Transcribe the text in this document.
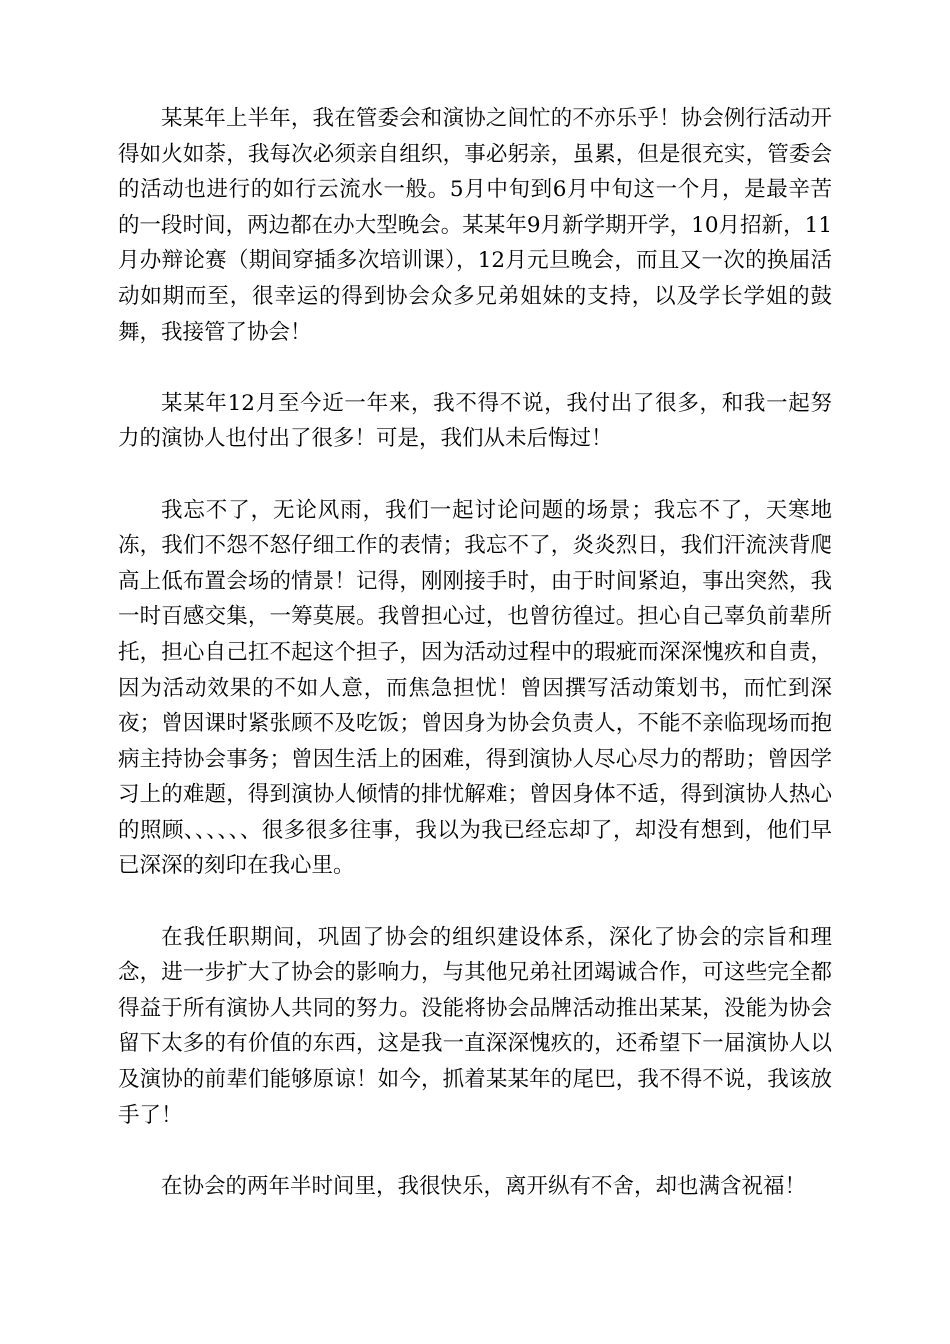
某某年上半年，我在管委会和演协之间忙的不亦乐乎！协会例行活动开得如火如荼，我每次必须亲自组织，事必躬亲，虽累，但是很充实，管委会的活动也进行的如行云流水一般。5月中旬到6月中旬这一个月，是最辛苦的一段时间，两边都在办大型晚会。某某年9月新学期开学，10月招新，11月办辩论赛（期间穿插多次培训课），12月元旦晚会，而且又一次的换届活动如期而至，很幸运的得到协会众多兄弟姐妹的支持，以及学长学姐的鼓舞，我接管了协会！

某某年12月至今近一年来，我不得不说，我付出了很多，和我一起努力的演协人也付出了很多！可是，我们从未后悔过！

我忘不了，无论风雨，我们一起讨论问题的场景；我忘不了，天寒地冻，我们不怨不怒仔细工作的表情；我忘不了，炎炎烈日，我们汗流浃背爬高上低布置会场的情景！记得，刚刚接手时，由于时间紧迫，事出突然，我一时百感交集，一筹莫展。我曾担心过，也曾彷徨过。担心自己辜负前辈所托，担心自己扛不起这个担子，因为活动过程中的瑕疵而深深愧疚和自责，因为活动效果的不如人意，而焦急担忧！曾因撰写活动策划书，而忙到深夜；曾因课时紧张顾不及吃饭；曾因身为协会负责人，不能不亲临现场而抱病主持协会事务；曾因生活上的困难，得到演协人尽心尽力的帮助；曾因学习上的难题，得到演协人倾情的排忧解难；曾因身体不适，得到演协人热心的照顾、、、、、、很多很多往事，我以为我已经忘却了，却没有想到，他们早已深深的刻印在我心里。

在我任职期间，巩固了协会的组织建设体系，深化了协会的宗旨和理念，进一步扩大了协会的影响力，与其他兄弟社团竭诚合作，可这些完全都得益于所有演协人共同的努力。没能将协会品牌活动推出某某，没能为协会留下太多的有价值的东西，这是我一直深深愧疚的，还希望下一届演协人以及演协的前辈们能够原谅！如今，抓着某某年的尾巴，我不得不说，我该放手了！

在协会的两年半时间里，我很快乐，离开纵有不舍，却也满含祝福！
